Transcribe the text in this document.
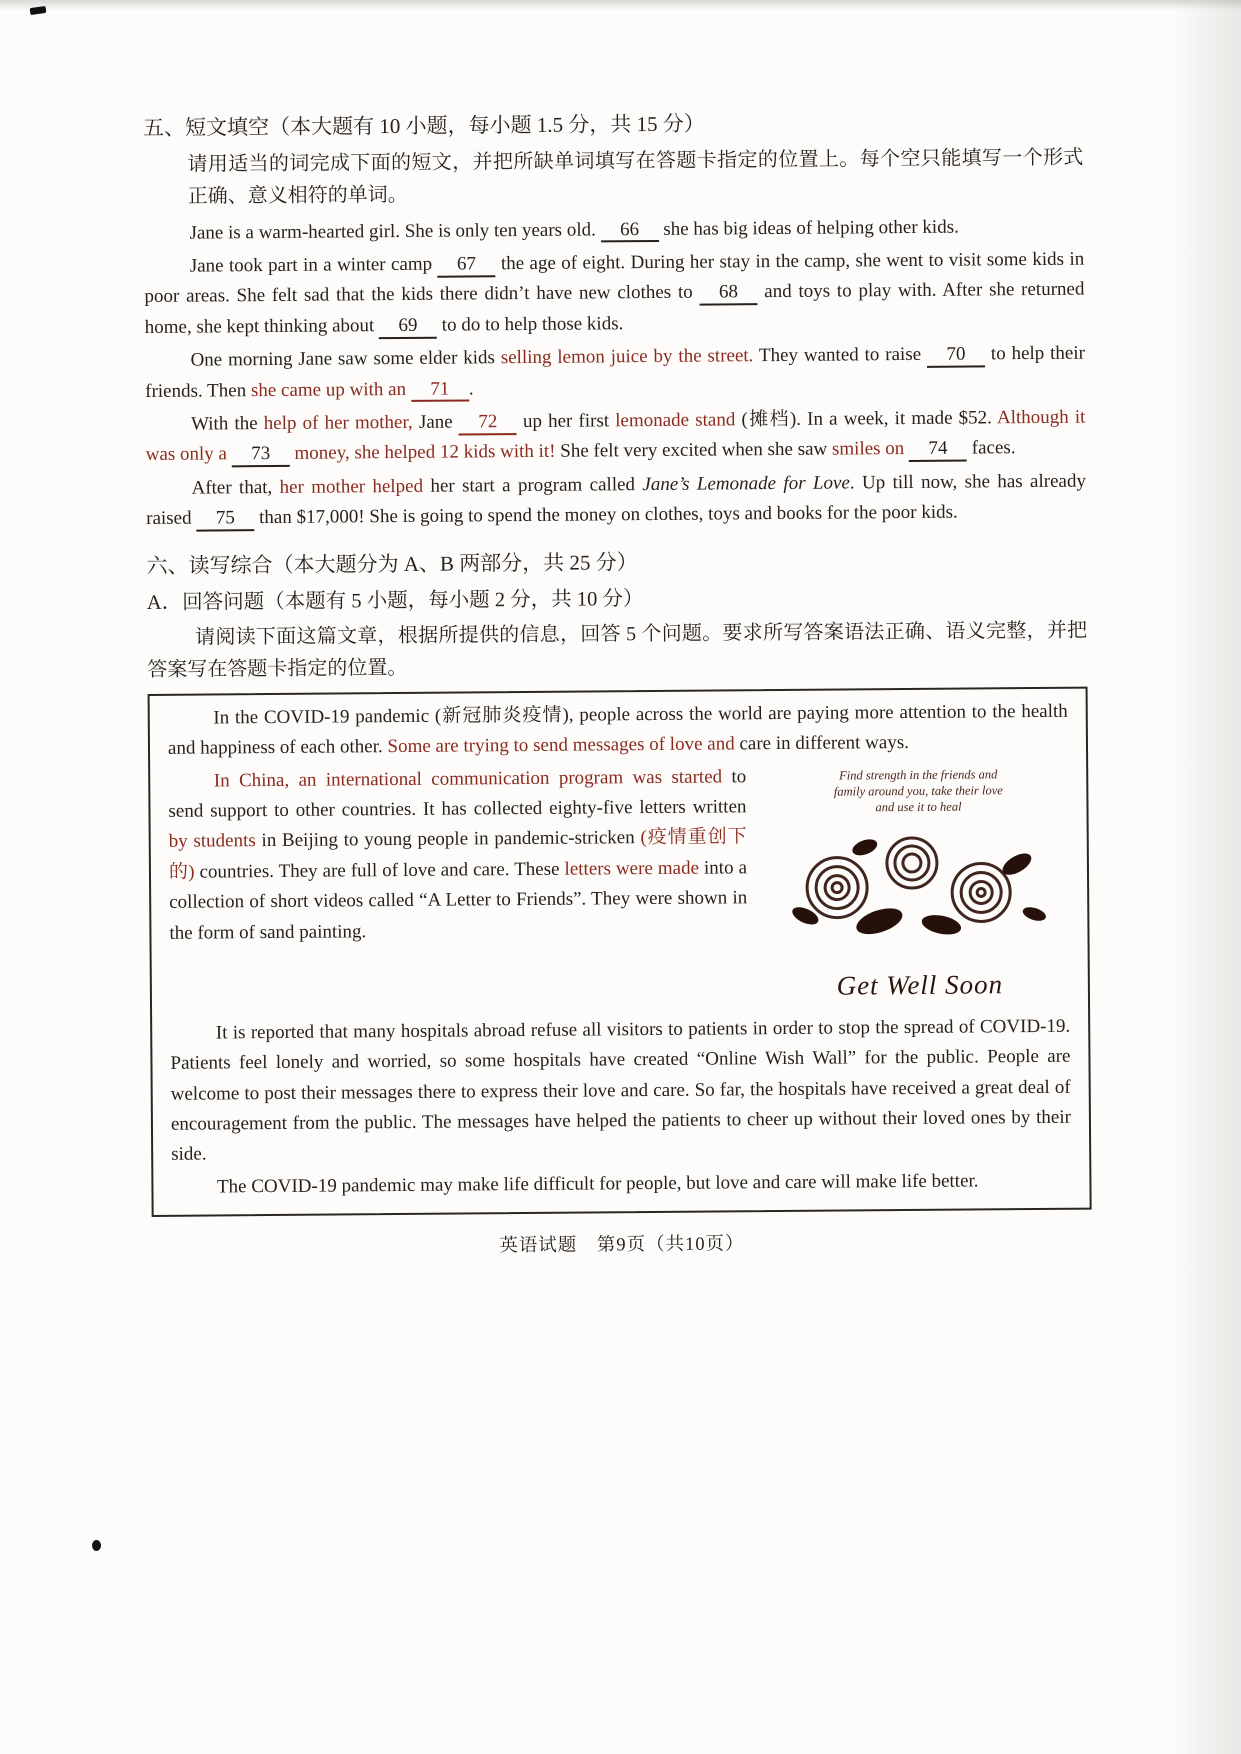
五、短文填空（本大题有 10 小题，每小题 1.5 分，共 15 分）
请用适当的词完成下面的短文，并把所缺单词填写在答题卡指定的位置上。每个空只能填写一个形式正确、意义相符的单词。

Jane is a warm-hearted girl. She is only ten years old. 66 she has big ideas of helping other kids.

Jane took part in a winter camp 67 the age of eight. During her stay in the camp, she went to visit some kids in poor areas. She felt sad that the kids there didn’t have new clothes to 68 and toys to play with. After she returned home, she kept thinking about 69 to do to help those kids.

One morning Jane saw some elder kids selling lemon juice by the street. They wanted to raise 70 to help their friends. Then she came up with an 71 .

With the help of her mother, Jane 72 up her first lemonade stand (摊档). In a week, it made $52. Although it was only a 73 money, she helped 12 kids with it! She felt very excited when she saw smiles on 74 faces.

After that, her mother helped her start a program called Jane’s Lemonade for Love. Up till now, she has already raised 75 than $17,000! She is going to spend the money on clothes, toys and books for the poor kids.

六、读写综合（本大题分为 A、B 两部分，共 25 分）
A．回答问题（本题有 5 小题，每小题 2 分，共 10 分）
请阅读下面这篇文章，根据所提供的信息，回答 5 个问题。要求所写答案语法正确、语义完整，并把答案写在答题卡指定的位置。

In the COVID-19 pandemic (新冠肺炎疫情), people across the world are paying more attention to the health and happiness of each other. Some are trying to send messages of love and care in different ways.

Find strength in the friends and
family around you, take their love
and use it to heal
Get Well Soon

In China, an international communication program was started to send support to other countries. It has collected eighty-five letters written by students in Beijing to young people in pandemic-stricken (疫情重创下的) countries. They are full of love and care. These letters were made into a collection of short videos called “A Letter to Friends”. They were shown in the form of sand painting.

It is reported that many hospitals abroad refuse all visitors to patients in order to stop the spread of COVID-19. Patients feel lonely and worried, so some hospitals have created “Online Wish Wall” for the public. People are welcome to post their messages there to express their love and care. So far, the hospitals have received a great deal of encouragement from the public. The messages have helped the patients to cheer up without their loved ones by their side.

The COVID-19 pandemic may make life difficult for people, but love and care will make life better.

英语试题　第9页（共10页）
